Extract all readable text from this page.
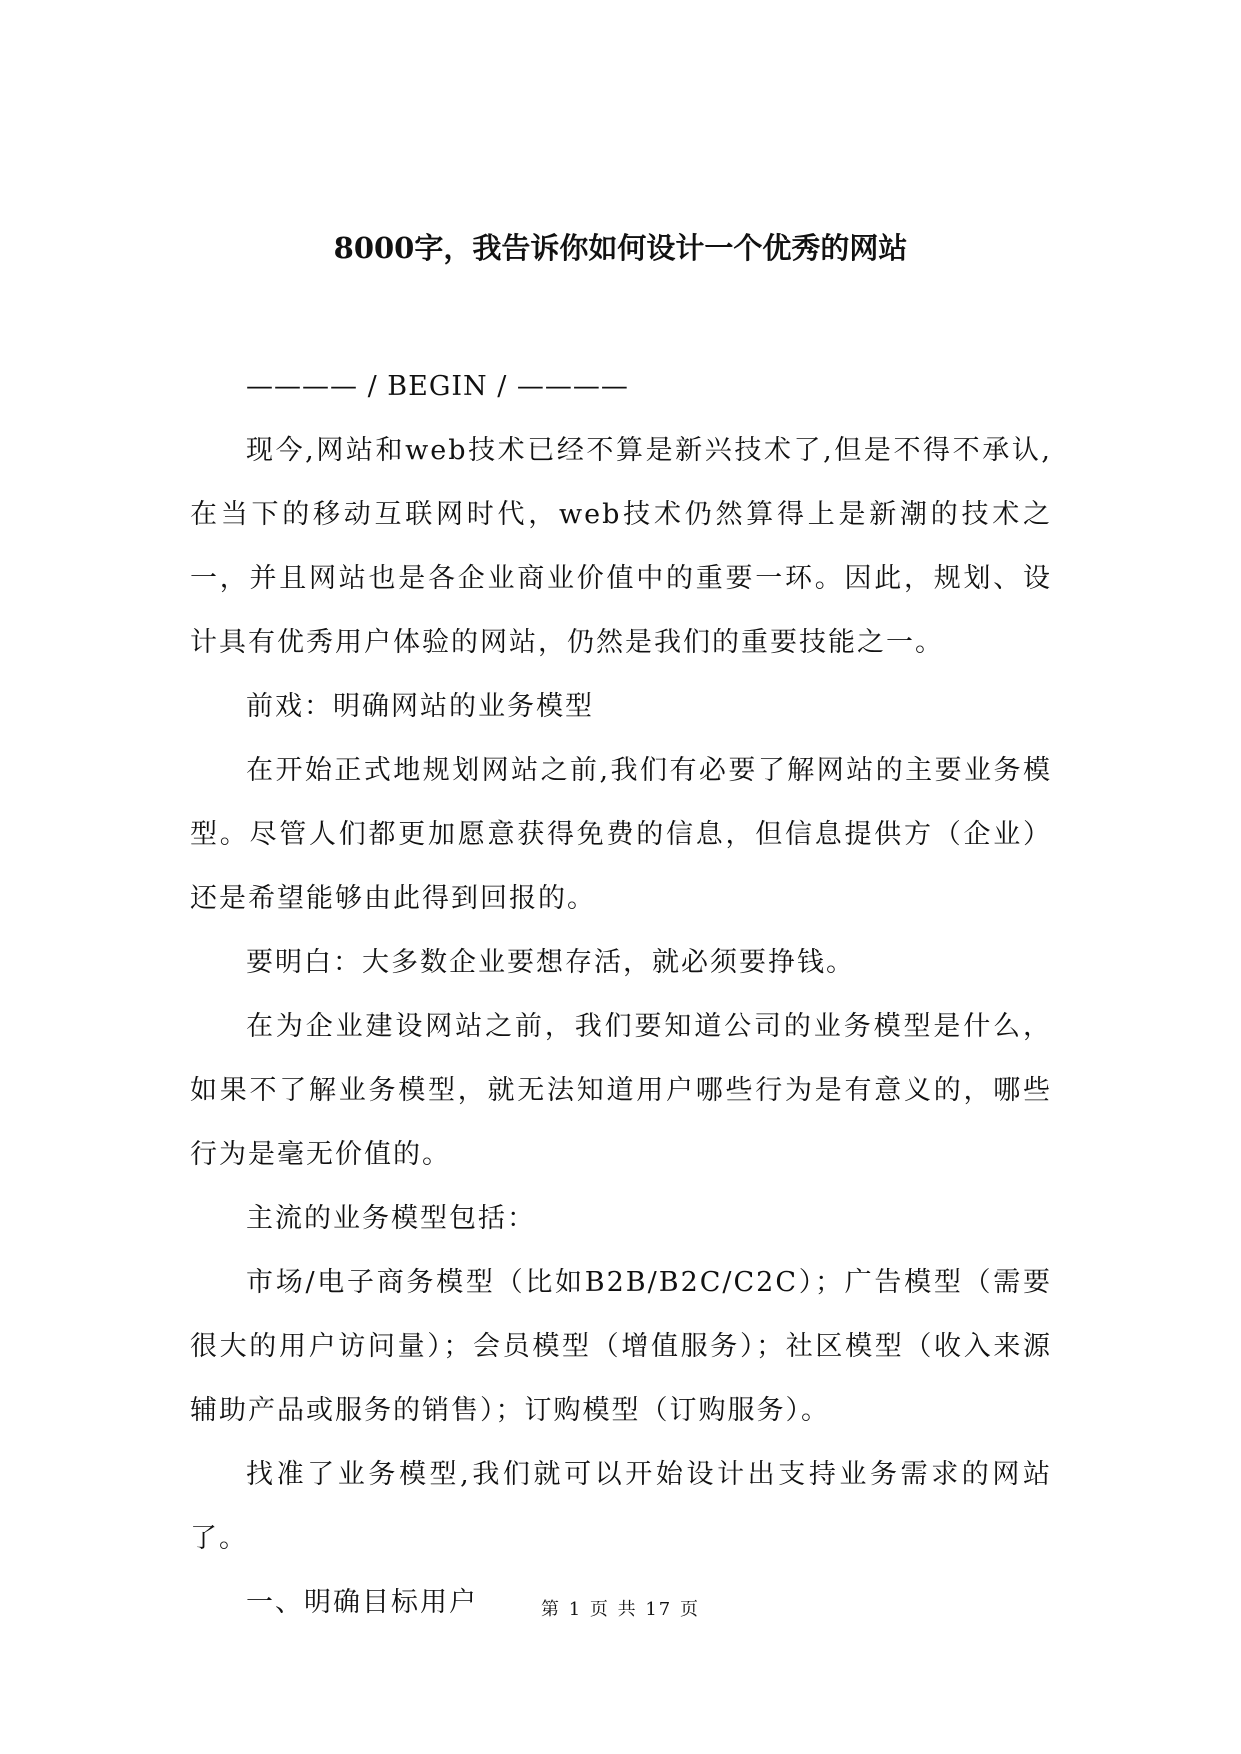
8000字，我告诉你如何设计一个优秀的网站

———— / BEGIN / ————

现今,网站和web技术已经不算是新兴技术了,但是不得不承认,在当下的移动互联网时代，web技术仍然算得上是新潮的技术之一，并且网站也是各企业商业价值中的重要一环。因此，规划、设计具有优秀用户体验的网站，仍然是我们的重要技能之一。

前戏：明确网站的业务模型

在开始正式地规划网站之前,我们有必要了解网站的主要业务模型。尽管人们都更加愿意获得免费的信息，但信息提供方（企业）还是希望能够由此得到回报的。

要明白：大多数企业要想存活，就必须要挣钱。

在为企业建设网站之前，我们要知道公司的业务模型是什么，如果不了解业务模型，就无法知道用户哪些行为是有意义的，哪些行为是毫无价值的。

主流的业务模型包括：

市场/电子商务模型（比如B2B/B2C/C2C）；广告模型（需要很大的用户访问量）；会员模型（增值服务）；社区模型（收入来源辅助产品或服务的销售）；订购模型（订购服务）。

找准了业务模型,我们就可以开始设计出支持业务需求的网站了。

一、明确目标用户	第 1 页 共 17 页
